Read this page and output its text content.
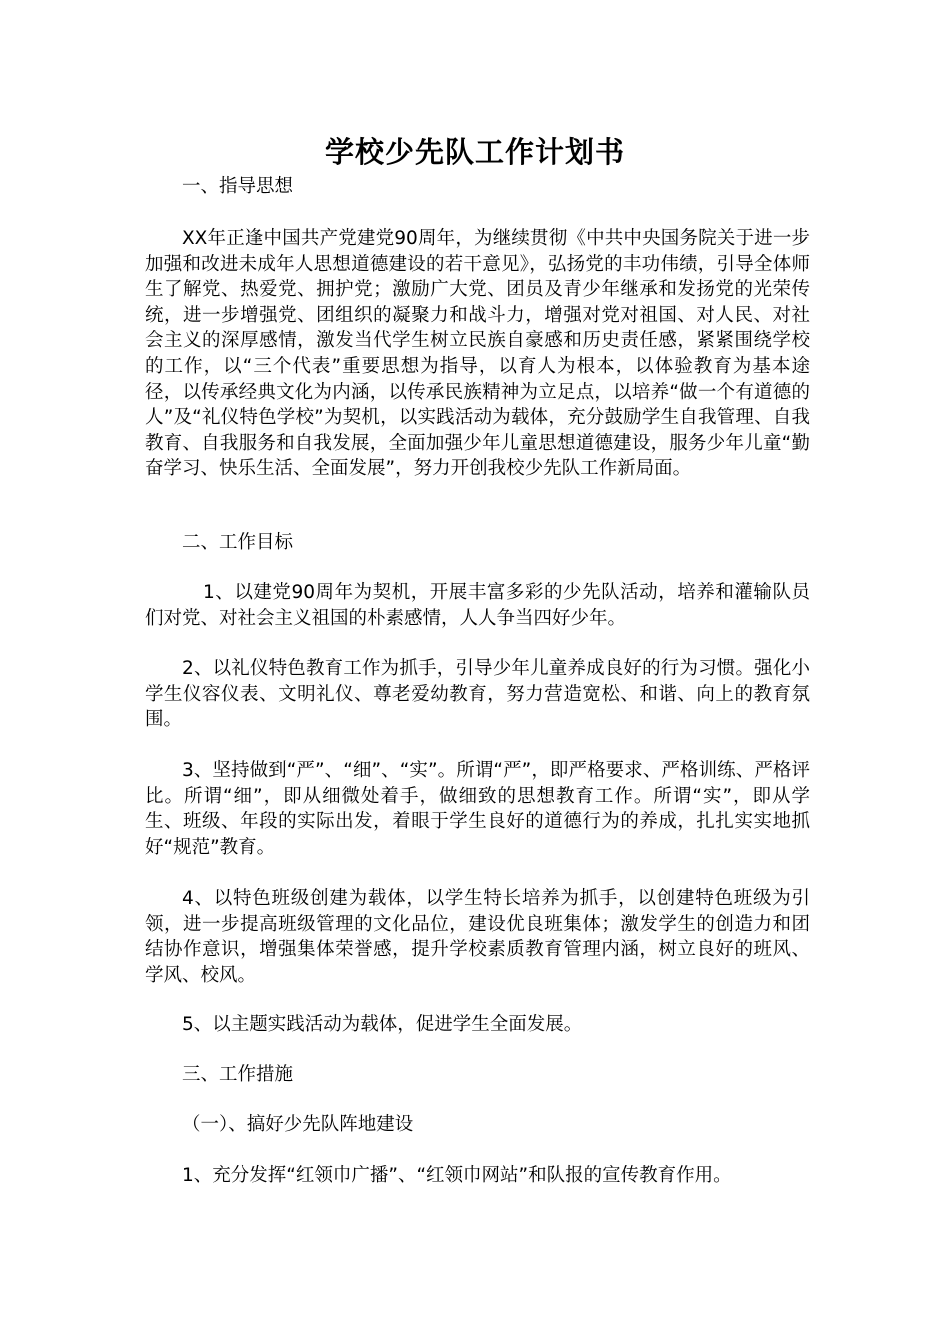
学校少先队工作计划书

一、指导思想

XX年正逢中国共产党建党90周年，为继续贯彻《中共中央国务院关于进一步加强和改进未成年人思想道德建设的若干意见》，弘扬党的丰功伟绩，引导全体师生了解党、热爱党、拥护党；激励广大党、团员及青少年继承和发扬党的光荣传统，进一步增强党、团组织的凝聚力和战斗力，增强对党对祖国、对人民、对社会主义的深厚感情，激发当代学生树立民族自豪感和历史责任感，紧紧围绕学校的工作，以“三个代表”重要思想为指导，以育人为根本，以体验教育为基本途径，以传承经典文化为内涵，以传承民族精神为立足点，以培养“做一个有道德的人”及“礼仪特色学校”为契机，以实践活动为载体，充分鼓励学生自我管理、自我教育、自我服务和自我发展，全面加强少年儿童思想道德建设，服务少年儿童“勤奋学习、快乐生活、全面发展”，努力开创我校少先队工作新局面。

二、工作目标

1、以建党90周年为契机，开展丰富多彩的少先队活动，培养和灌输队员们对党、对社会主义祖国的朴素感情，人人争当四好少年。

2、以礼仪特色教育工作为抓手，引导少年儿童养成良好的行为习惯。强化小学生仪容仪表、文明礼仪、尊老爱幼教育，努力营造宽松、和谐、向上的教育氛围。

3、坚持做到“严”、“细”、“实”。所谓“严”，即严格要求、严格训练、严格评比。所谓“细”，即从细微处着手，做细致的思想教育工作。所谓“实”，即从学生、班级、年段的实际出发，着眼于学生良好的道德行为的养成，扎扎实实地抓好“规范”教育。

4、以特色班级创建为载体，以学生特长培养为抓手，以创建特色班级为引领，进一步提高班级管理的文化品位，建设优良班集体；激发学生的创造力和团结协作意识，增强集体荣誉感，提升学校素质教育管理内涵，树立良好的班风、学风、校风。

5、以主题实践活动为载体，促进学生全面发展。

三、工作措施

（一）、搞好少先队阵地建设

1、充分发挥“红领巾广播”、“红领巾网站”和队报的宣传教育作用。
